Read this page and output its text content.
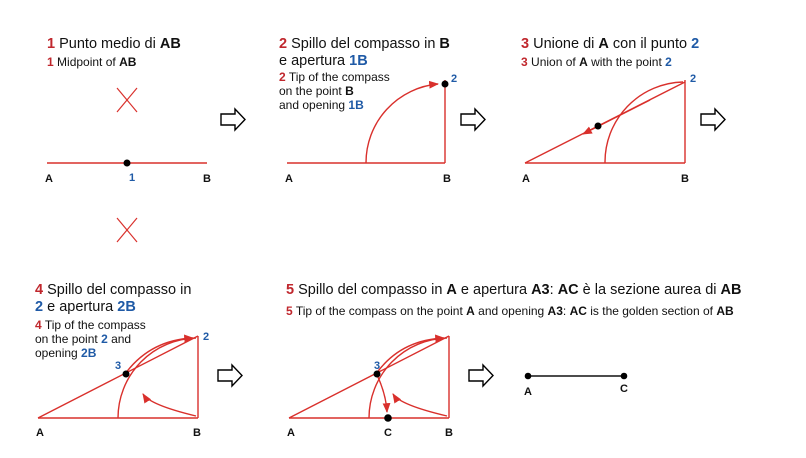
1 Punto medio di AB
1 Midpoint of AB
A	1	B
2 Spillo del compasso in B
e apertura 1B
2 Tip of the compass
on the point B
and opening 1B
A	B
2
3 Unione di A con il punto 2
3 Union of A with the point 2
A	B
2
4 Spillo del compasso in
2 e apertura 2B
4 Tip of the compass
on the point 2 and
opening 2B
A	B
2
3
5 Spillo del compasso in A e apertura A3: AC è la sezione aurea di AB
5 Tip of the compass on the point A and opening A3: AC is the golden section of AB
A	C	B
3
A	C
